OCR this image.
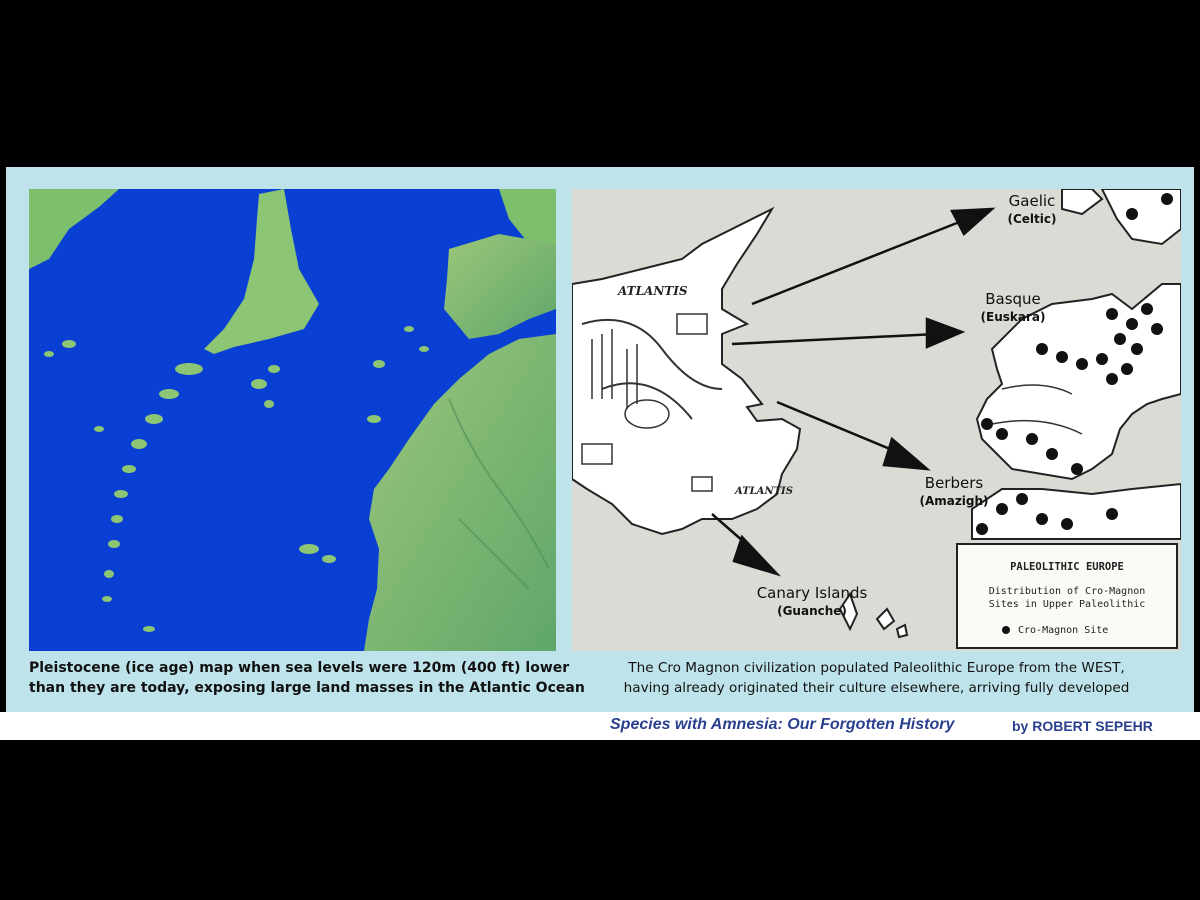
ATLANTIS
ATLANTIS
Gaelic
(Celtic)
Basque
(Euskara)
Berbers
(Amazigh)
Canary Islands
(Guanche)
PALEOLITHIC EUROPE
Distribution of Cro-Magnon
Sites in Upper Paleolithic
Cro-Magnon Site
Pleistocene (ice age) map when sea levels were 120m (400 ft) lower
than they are today, exposing large land masses in the Atlantic Ocean
The Cro Magnon civilization populated Paleolithic Europe from the WEST,
having already originated their culture elsewhere, arriving fully developed
Species with Amnesia: Our Forgotten History	by ROBERT SEPEHR
